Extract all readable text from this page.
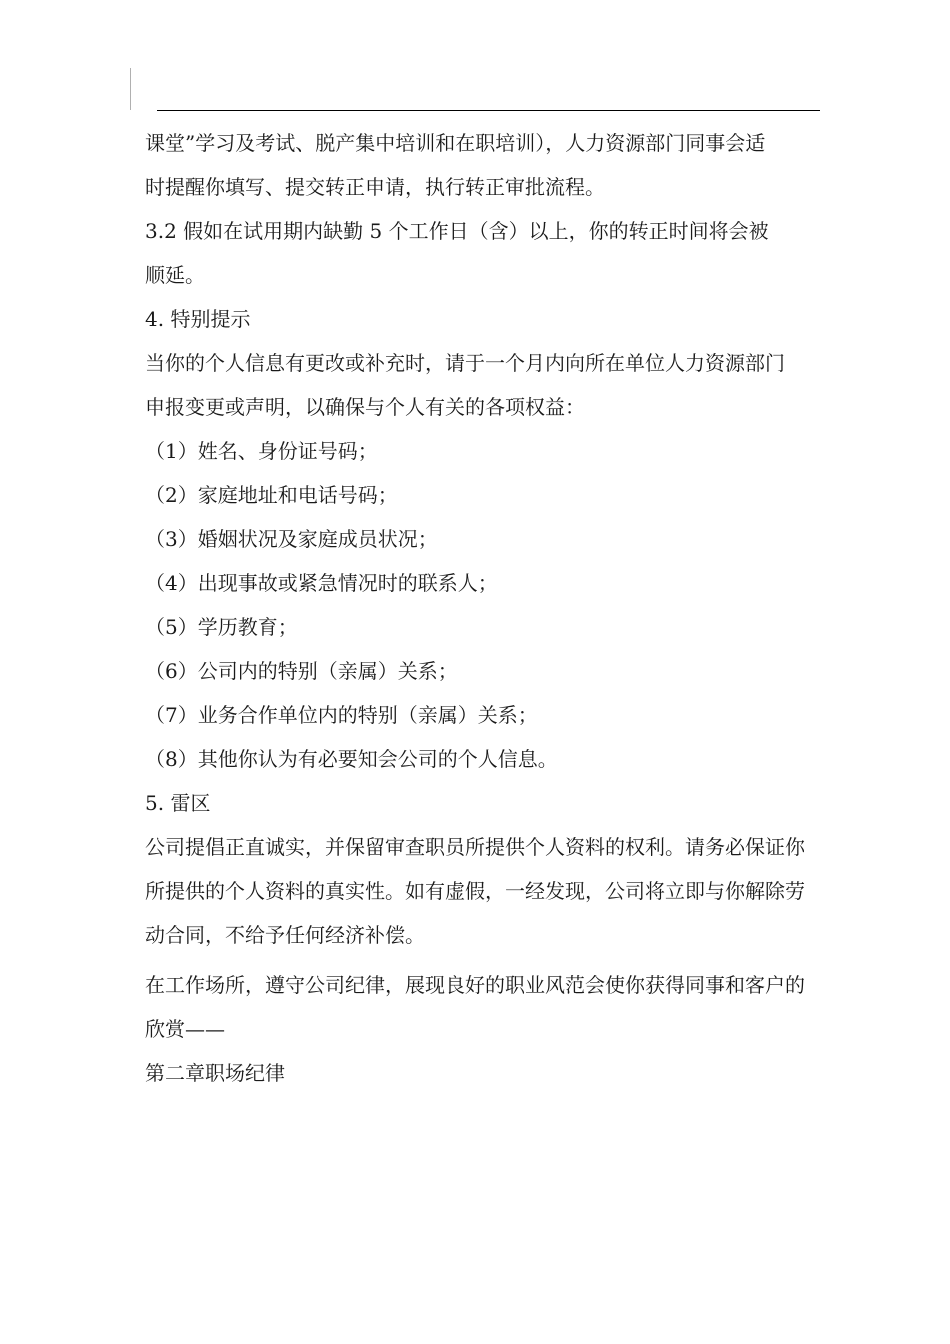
课堂”学习及考试、脱产集中培训和在职培训），人力资源部门同事会适
时提醒你填写、提交转正申请，执行转正审批流程。
3.2 假如在试用期内缺勤 5 个工作日（含）以上，你的转正时间将会被
顺延。
4. 特别提示
当你的个人信息有更改或补充时，请于一个月内向所在单位人力资源部门
申报变更或声明，以确保与个人有关的各项权益：
（1）姓名、身份证号码；
（2）家庭地址和电话号码；
（3）婚姻状况及家庭成员状况；
（4）出现事故或紧急情况时的联系人；
（5）学历教育；
（6）公司内的特别（亲属）关系；
（7）业务合作单位内的特别（亲属）关系；
（8）其他你认为有必要知会公司的个人信息。
5. 雷区
公司提倡正直诚实，并保留审查职员所提供个人资料的权利。请务必保证你
所提供的个人资料的真实性。如有虚假，一经发现，公司将立即与你解除劳
动合同，不给予任何经济补偿。
在工作场所，遵守公司纪律，展现良好的职业风范会使你获得同事和客户的
欣赏——
第二章职场纪律
